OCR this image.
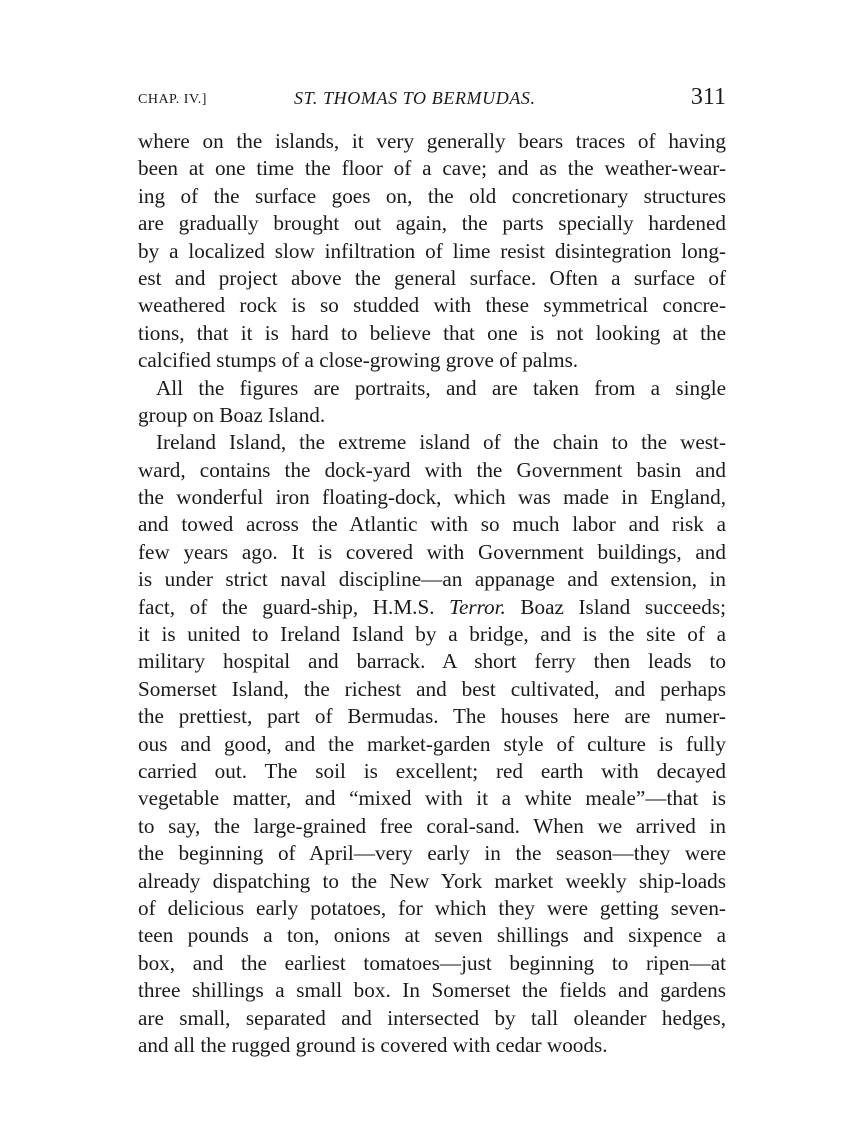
CHAP. IV.]	ST. THOMAS TO BERMUDAS.	311
where on the islands, it very generally bears traces of having
been at one time the floor of a cave; and as the weather-wear-
ing of the surface goes on, the old concretionary structures
are gradually brought out again, the parts specially hardened
by a localized slow infiltration of lime resist disintegration long-
est and project above the general surface. Often a surface of
weathered rock is so studded with these symmetrical concre-
tions, that it is hard to believe that one is not looking at the
calcified stumps of a close-growing grove of palms.
All the figures are portraits, and are taken from a single
group on Boaz Island.
Ireland Island, the extreme island of the chain to the west-
ward, contains the dock-yard with the Government basin and
the wonderful iron floating-dock, which was made in England,
and towed across the Atlantic with so much labor and risk a
few years ago. It is covered with Government buildings, and
is under strict naval discipline—an appanage and extension, in
fact, of the guard-ship, H.M.S. Terror. Boaz Island succeeds;
it is united to Ireland Island by a bridge, and is the site of a
military hospital and barrack. A short ferry then leads to
Somerset Island, the richest and best cultivated, and perhaps
the prettiest, part of Bermudas. The houses here are numer-
ous and good, and the market-garden style of culture is fully
carried out. The soil is excellent; red earth with decayed
vegetable matter, and “mixed with it a white meale”—that is
to say, the large-grained free coral-sand. When we arrived in
the beginning of April—very early in the season—they were
already dispatching to the New York market weekly ship-loads
of delicious early potatoes, for which they were getting seven-
teen pounds a ton, onions at seven shillings and sixpence a
box, and the earliest tomatoes—just beginning to ripen—at
three shillings a small box. In Somerset the fields and gardens
are small, separated and intersected by tall oleander hedges,
and all the rugged ground is covered with cedar woods.
